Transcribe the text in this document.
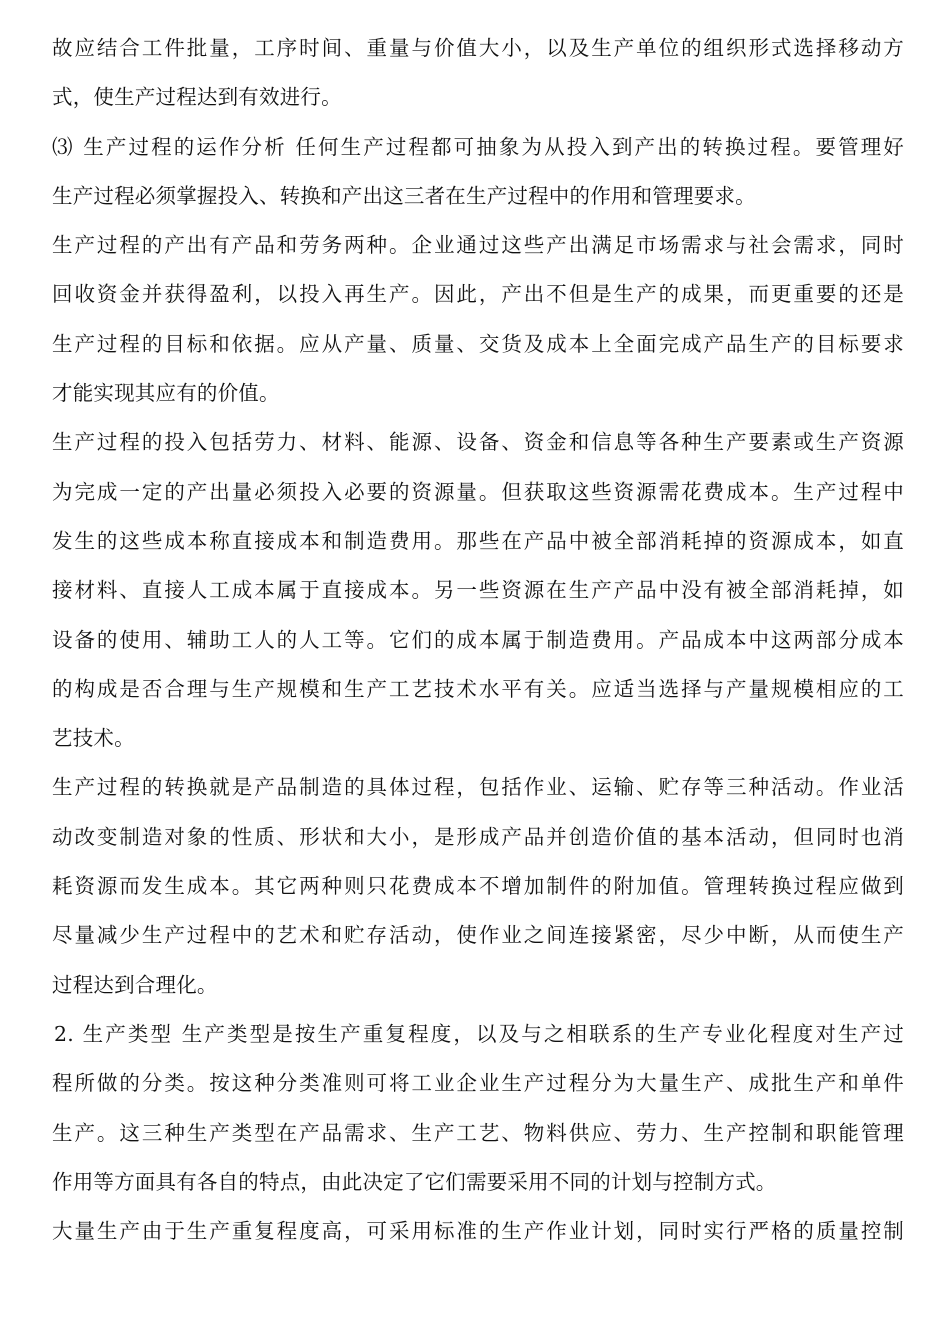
故应结合工件批量，工序时间、重量与价值大小，以及生产单位的组织形式选择移动方
式，使生产过程达到有效进行。

⑶ 生产过程的运作分析 任何生产过程都可抽象为从投入到产出的转换过程。要管理好
生产过程必须掌握投入、转换和产出这三者在生产过程中的作用和管理要求。

生产过程的产出有产品和劳务两种。企业通过这些产出满足市场需求与社会需求，同时
回收资金并获得盈利，以投入再生产。因此，产出不但是生产的成果，而更重要的还是
生产过程的目标和依据。应从产量、质量、交货及成本上全面完成产品生产的目标要求
才能实现其应有的价值。

生产过程的投入包括劳力、材料、能源、设备、资金和信息等各种生产要素或生产资源
为完成一定的产出量必须投入必要的资源量。但获取这些资源需花费成本。生产过程中
发生的这些成本称直接成本和制造费用。那些在产品中被全部消耗掉的资源成本，如直
接材料、直接人工成本属于直接成本。另一些资源在生产产品中没有被全部消耗掉，如
设备的使用、辅助工人的人工等。它们的成本属于制造费用。产品成本中这两部分成本
的构成是否合理与生产规模和生产工艺技术水平有关。应适当选择与产量规模相应的工
艺技术。

生产过程的转换就是产品制造的具体过程，包括作业、运输、贮存等三种活动。作业活
动改变制造对象的性质、形状和大小，是形成产品并创造价值的基本活动，但同时也消
耗资源而发生成本。其它两种则只花费成本不增加制件的附加值。管理转换过程应做到
尽量减少生产过程中的艺术和贮存活动，使作业之间连接紧密，尽少中断，从而使生产
过程达到合理化。

2. 生产类型 生产类型是按生产重复程度，以及与之相联系的生产专业化程度对生产过
程所做的分类。按这种分类准则可将工业企业生产过程分为大量生产、成批生产和单件
生产。这三种生产类型在产品需求、生产工艺、物料供应、劳力、生产控制和职能管理
作用等方面具有各自的特点，由此决定了它们需要采用不同的计划与控制方式。

大量生产由于生产重复程度高，可采用标准的生产作业计划，同时实行严格的质量控制
